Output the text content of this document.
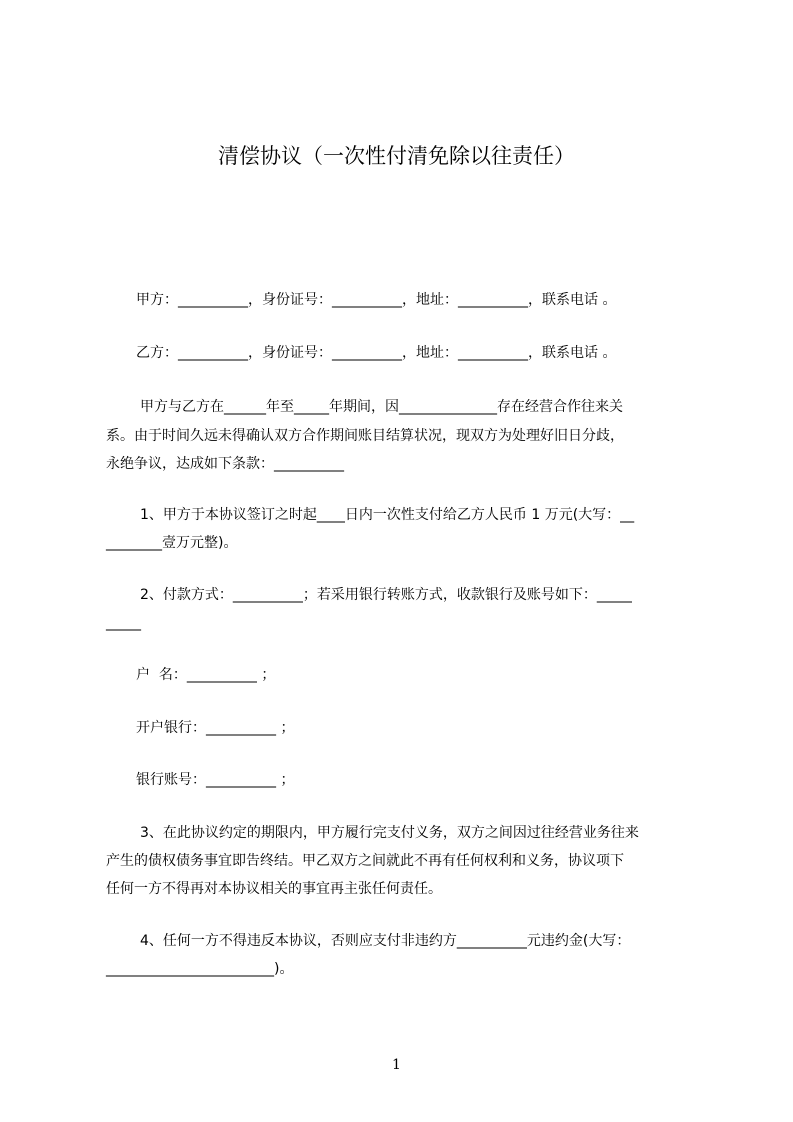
清偿协议（一次性付清免除以往责任）
甲方：__________，身份证号：__________，地址：__________，联系电话 。
乙方：__________，身份证号：__________，地址：__________，联系电话 。
甲方与乙方在______年至_____年期间，因______________存在经营合作往来关
系。由于时间久远未得确认双方合作期间账目结算状况，现双方为处理好旧日分歧，
永绝争议，达成如下条款：__________
1、甲方于本协议签订之时起____日内一次性支付给乙方人民币 1 万元(大写：__
________壹万元整)。
2、付款方式：__________；若采用银行转账方式，收款银行及账号如下：_____
_____
户  名：__________ ；
开户银行：__________ ；
银行账号：__________ ；
3、在此协议约定的期限内，甲方履行完支付义务，双方之间因过往经营业务往来
产生的债权债务事宜即告终结。甲乙双方之间就此不再有任何权利和义务，协议项下
任何一方不得再对本协议相关的事宜再主张任何责任。
4、任何一方不得违反本协议，否则应支付非违约方__________元违约金(大写：
________________________)。
1
